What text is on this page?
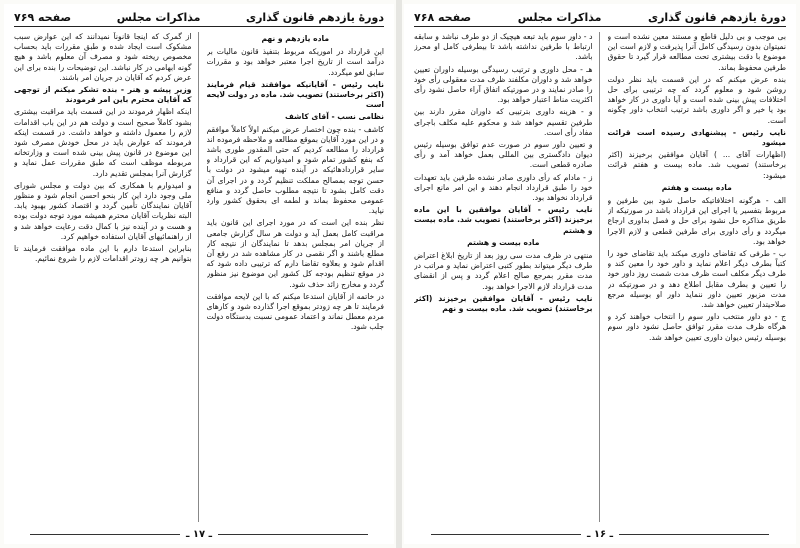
دورهٔ یازدهم قانون گذاری
مذاکرات مجلس
صفحه ۷۶۹
ماده یازدهم و نهم

این قرارداد در اموریکه مربوط بتنفیذ قانون مالیات بر درآمد است از تاریخ اجرا معتبر خواهد بود و مقررات سابق لغو میگردد.

نایب رئیس - آقایانیکه موافقند قیام فرمایند (اکثر برخاستند) تصویب شد. ماده در دولت لایحه است

نظامی نسب - آقای کاشف

کاشف - بنده چون اختصار عرض میکنم اولاً کاملاً موافقم و در این مورد آقایان بموقع مطالعه و ملاحظه فرموده اند قرارداد را مطالعه کردیم که حتی المقدور طوری باشد که بنفع کشور تمام شود و امیدواریم که این قرارداد و سایر قراردادهائیکه در آینده تهیه میشود در دولت با حسن توجه بمصالح مملکت تنظیم گردد و در اجرای آن دقت کامل بشود تا نتیجه مطلوب حاصل گردد و منافع عمومی محفوظ بماند و لطمه ای بحقوق کشور وارد نیاید.

نظر بنده این است که در مورد اجرای این قانون باید مراقبت کامل بعمل آید و دولت هر سال گزارش جامعی از جریان امر بمجلس بدهد تا نمایندگان از نتیجه کار مطلع باشند و اگر نقصی در کار مشاهده شد در رفع آن اقدام شود و بعلاوه تقاضا دارم که ترتیبی داده شود که در موقع تنظیم بودجه کل کشور این موضوع نیز منظور گردد و مخارج زائد حذف شود.

در خاتمه از آقایان استدعا میکنم که با این لایحه موافقت فرمایند تا هر چه زودتر بموقع اجرا گذارده شود و کارهای مردم معطل نماند و اعتماد عمومی نسبت بدستگاه دولت جلب شود.

از گمرک که اینجا قانوناً نمیدانند که این عوارض سبب مشکوک است ایجاد شده و طبق مقررات باید بحساب مخصوص ریخته شود و مصرف آن معلوم باشد و هیچ گونه ابهامی در کار نباشد. این توضیحات را بنده برای این عرض کردم که آقایان در جریان امر باشند.

وزیر پیشه و هنر - بنده تشکر میکنم از توجهی که آقایان محترم باین امر فرمودند

اینکه اظهار فرمودند در این قسمت باید مراقبت بیشتری بشود کاملاً صحیح است و دولت هم در این باب اقدامات لازم را معمول داشته و خواهد داشت. در قسمت اینکه فرمودند که عوارض باید در محل خودش مصرف شود این موضوع در قانون پیش بینی شده است و وزارتخانه مربوطه موظف است که طبق مقررات عمل نماید و گزارش آنرا بمجلس تقدیم دارد.

و امیدوارم با همکاری که بین دولت و مجلس شورای ملی وجود دارد این کار بنحو احسن انجام شود و منظور آقایان نمایندگان تأمین گردد و اقتصاد کشور بهبود یابد. البته نظریات آقایان محترم همیشه مورد توجه دولت بوده و هست و در آینده نیز با کمال دقت رعایت خواهد شد و از راهنمائیهای آقایان استفاده خواهیم کرد.

بنابراین استدعا دارم با این ماده موافقت فرمایند تا بتوانیم هر چه زودتر اقدامات لازم را شروع نمائیم.

ـ ۱۷ ـ
دورهٔ یازدهم قانون گذاری
مذاکرات مجلس
صفحه ۷۶۸

بی موجب و بی دلیل قاطع و مستند معین نشده است و نمیتوان بدون رسیدگی کامل آنرا پذیرفت و لازم است این موضوع با دقت بیشتری تحت مطالعه قرار گیرد تا حقوق طرفین محفوظ بماند.

بنده عرض میکنم که در این قسمت باید نظر دولت روشن شود و معلوم گردد که چه ترتیبی برای حل اختلافات پیش بینی شده است و آیا داوری در کار خواهد بود یا خیر و اگر داوری باشد ترتیب انتخاب داور چگونه است.

نایب رئیس - پیشنهادی رسیده است قرائت میشود

(اظهارات آقای ... ) آقایان موافقین برخیزند (اکثر برخاستند) تصویب شد. ماده بیست و هفتم قرائت میشود:

ماده بیست و هفتم

الف - هرگونه اختلافاتیکه حاصل شود بین طرفین و مربوط بتفسیر یا اجرای این قرارداد باشد در صورتیکه از طریق مذاکره حل نشود برای حل و فصل بداوری ارجاع میگردد و رأی داوری برای طرفین قطعی و لازم الاجرا خواهد بود.

ب - طرفی که تقاضای داوری میکند باید تقاضای خود را کتباً بطرف دیگر اعلام نماید و داور خود را معین کند و طرف دیگر مکلف است ظرف مدت شصت روز داور خود را تعیین و بطرف مقابل اطلاع دهد و در صورتیکه در مدت مزبور تعیین داور ننماید داور او بوسیله مرجع صلاحیتدار تعیین خواهد شد.

ج - دو داور منتخب داور سوم را انتخاب خواهند کرد و هرگاه ظرف مدت مقرر توافق حاصل نشود داور سوم بوسیله رئیس دیوان داوری تعیین خواهد شد.

د - داور سوم باید تبعه هیچیک از دو طرف نباشد و سابقه ارتباط با طرفین نداشته باشد تا بیطرفی کامل او محرز باشد.

هـ - محل داوری و ترتیب رسیدگی بوسیله داوران تعیین خواهد شد و داوران مکلفند ظرف مدت معقولی رأی خود را صادر نمایند و در صورتیکه اتفاق آراء حاصل نشود رأی اکثریت مناط اعتبار خواهد بود.

و - هزینه داوری بترتیبی که داوران مقرر دارند بین طرفین تقسیم خواهد شد و محکوم علیه مکلف باجرای مفاد رأی است.

و تعیین داور سوم در صورت عدم توافق بوسیله رئیس دیوان دادگستری بین المللی بعمل خواهد آمد و رأی صادره قطعی است.

ز - مادام که رأی داوری صادر نشده طرفین باید تعهدات خود را طبق قرارداد انجام دهند و این امر مانع اجرای قرارداد نخواهد بود.

نایب رئیس - آقایان موافقین با این ماده برخیزند (اکثر برخاستند) تصویب شد. ماده بیست و هشتم

ماده بیست و هشتم

منتهی در ظرف مدت سی روز بعد از تاریخ ابلاغ اعتراض طرف دیگر میتواند بطور کتبی اعتراض نماید و مراتب در مدت مقرر بمرجع صالح اعلام گردد و پس از انقضای مدت قرارداد لازم الاجرا خواهد بود.

نایب رئیس - آقایان موافقین برخیزند (اکثر برخاستند) تصویب شد. ماده بیست و نهم

ـ ۱۶ ـ
